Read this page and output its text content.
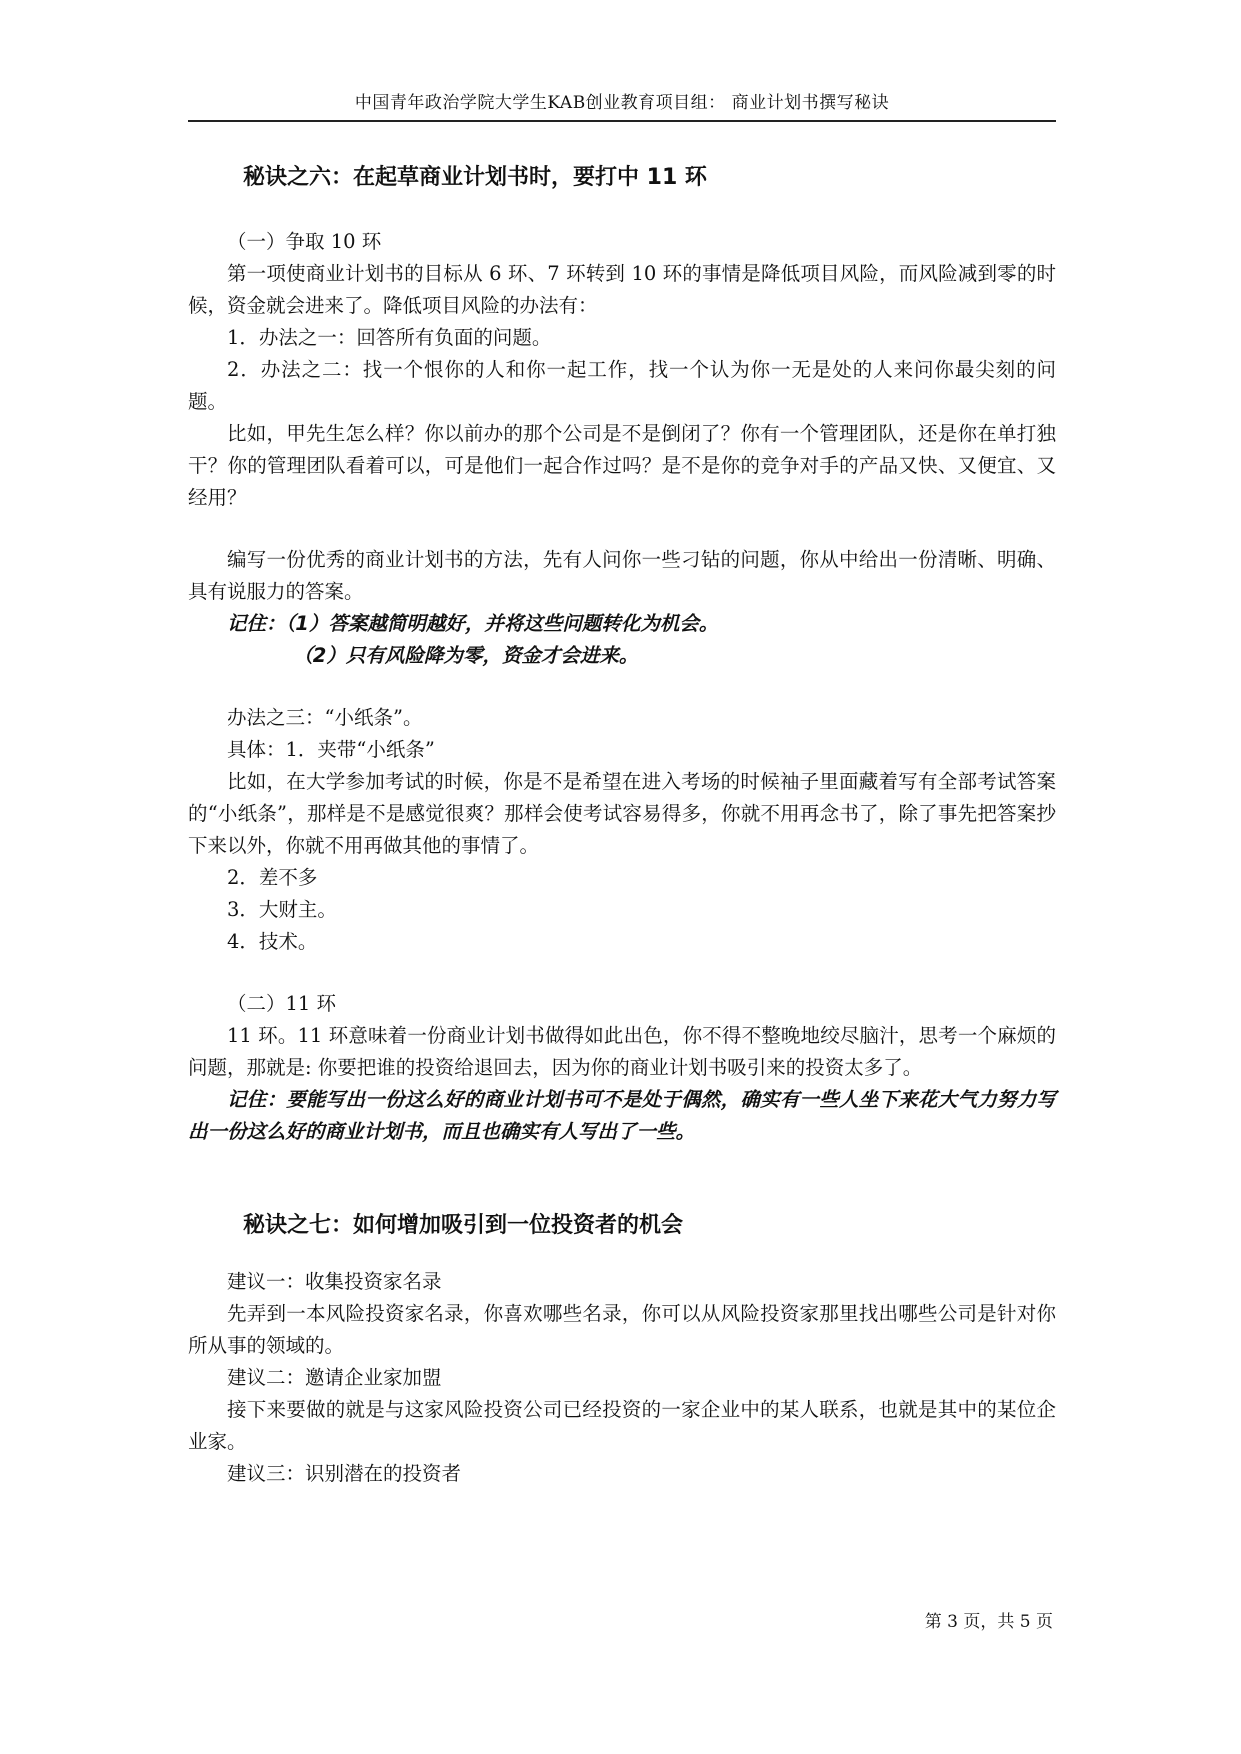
中国青年政治学院大学生KAB创业教育项目组： 商业计划书撰写秘诀
秘诀之六：在起草商业计划书时，要打中 11 环

（一）争取 10 环

第一项使商业计划书的目标从 6 环、7 环转到 10 环的事情是降低项目风险，而风险减到零的时候，资金就会进来了。降低项目风险的办法有：

1．办法之一：回答所有负面的问题。

2．办法之二：找一个恨你的人和你一起工作，找一个认为你一无是处的人来问你最尖刻的问题。

比如，甲先生怎么样？你以前办的那个公司是不是倒闭了？你有一个管理团队，还是你在单打独干？你的管理团队看着可以，可是他们一起合作过吗？是不是你的竞争对手的产品又快、又便宜、又经用？

编写一份优秀的商业计划书的方法，先有人问你一些刁钻的问题，你从中给出一份清晰、明确、具有说服力的答案。

记住：（1）答案越简明越好，并将这些问题转化为机会。

（2）只有风险降为零，资金才会进来。

办法之三：“小纸条”。

具体：1．夹带“小纸条”

比如，在大学参加考试的时候，你是不是希望在进入考场的时候袖子里面藏着写有全部考试答案的“小纸条”，那样是不是感觉很爽？那样会使考试容易得多，你就不用再念书了，除了事先把答案抄下来以外，你就不用再做其他的事情了。

2．差不多

3．大财主。

4．技术。

（二）11 环

11 环。11 环意味着一份商业计划书做得如此出色，你不得不整晚地绞尽脑汁，思考一个麻烦的问题，那就是: 你要把谁的投资给退回去，因为你的商业计划书吸引来的投资太多了。

记住：要能写出一份这么好的商业计划书可不是处于偶然，确实有一些人坐下来花大气力努力写出一份这么好的商业计划书，而且也确实有人写出了一些。

秘诀之七：如何增加吸引到一位投资者的机会

建议一：收集投资家名录

先弄到一本风险投资家名录，你喜欢哪些名录，你可以从风险投资家那里找出哪些公司是针对你所从事的领域的。

建议二：邀请企业家加盟

接下来要做的就是与这家风险投资公司已经投资的一家企业中的某人联系，也就是其中的某位企业家。

建议三：识别潜在的投资者

第 3 页，共 5 页
